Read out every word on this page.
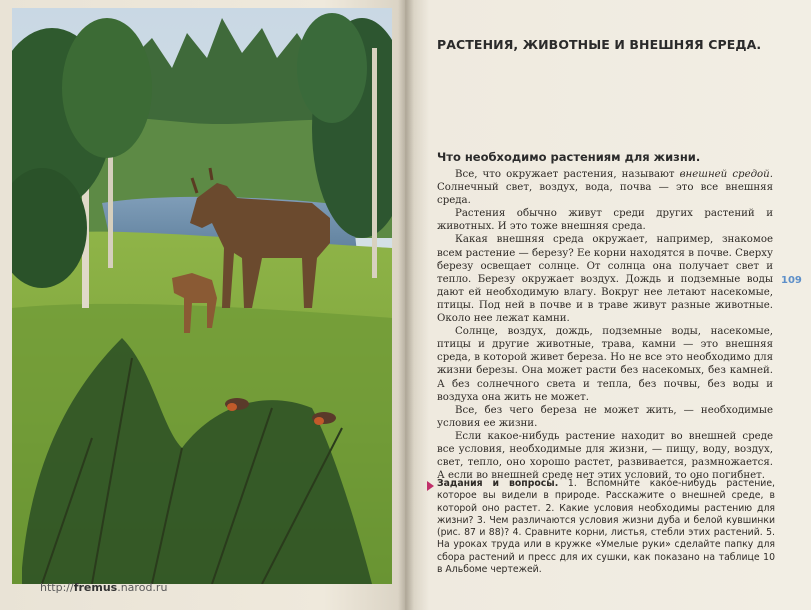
http://fremus.narod.ru
РАСТЕНИЯ, ЖИВОТНЫЕ И ВНЕШНЯЯ СРЕДА.
Что необходимо растениям для жизни.

Все, что окружает растения, называют внешней средой. Солнечный свет, воздух, вода, почва — это все внешняя среда.

Растения обычно живут среди других растений и животных. И это тоже внешняя среда.

Какая внешняя среда окружает, например, знакомое всем растение — березу? Ее корни находятся в почве. Сверху березу освещает солнце. От солнца она получает свет и тепло. Березу окружает воздух. Дождь и подземные воды дают ей необходимую влагу. Вокруг нее летают насекомые, птицы. Под ней в почве и в траве живут разные животные. Около нее лежат камни.

Солнце, воздух, дождь, подземные воды, насекомые, птицы и другие животные, трава, камни — это внешняя среда, в которой живет береза. Но не все это необходимо для жизни березы. Она может расти без насекомых, без камней. А без солнечного света и тепла, без почвы, без воды и воздуха она жить не может.

Все, без чего береза не может жить, — необходимые условия ее жизни.

Если какое-нибудь растение находит во внешней среде все условия, необходимые для жизни, — пищу, воду, воздух, свет, тепло, оно хорошо растет, развивается, размножается. А если во внешней среде нет этих условий, то оно погибнет.

109
Задания и вопросы. 1. Вспомните какое-нибудь растение, которое вы видели в природе. Расскажите о внешней среде, в которой оно растет. 2. Какие условия необходимы растению для жизни? 3. Чем различаются условия жизни дуба и белой кувшинки (рис. 87 и 88)? 4. Сравните корни, листья, стебли этих растений. 5. На уроках труда или в кружке «Умелые руки» сделайте папку для сбора растений и пресс для их сушки, как показано на таблице 10 в Альбоме чертежей.
